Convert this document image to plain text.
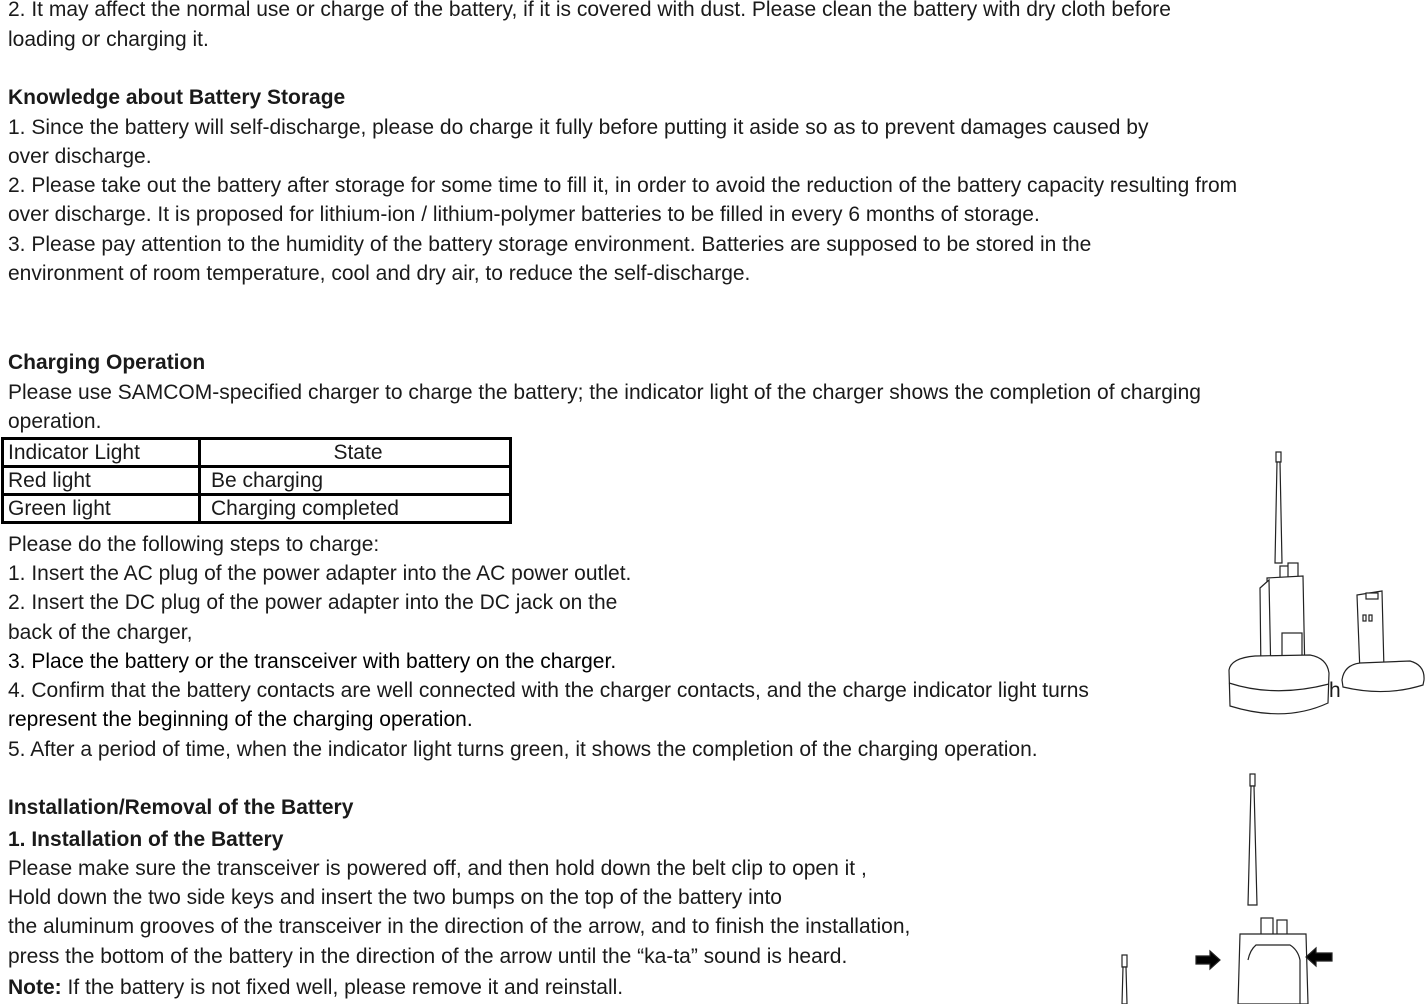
2. It may affect the normal use or charge of the battery, if it is covered with dust. Please clean the battery with dry cloth before
loading or charging it.
Knowledge about Battery Storage
1. Since the battery will self-discharge, please do charge it fully before putting it aside so as to prevent damages caused by
over discharge.
2. Please take out the battery after storage for some time to fill it, in order to avoid the reduction of the battery capacity resulting from
over discharge. It is proposed for lithium-ion / lithium-polymer batteries to be filled in every 6 months of storage.
3. Please pay attention to the humidity of the battery storage environment. Batteries are supposed to be stored in the
environment of room temperature, cool and dry air, to reduce the self-discharge.
Charging Operation
Please use SAMCOM-specified charger to charge the battery; the indicator light of the charger shows the completion of charging
operation.
Indicator Light	State
Red light	Be charging
Green light	Charging completed
Please do the following steps to charge:
1. Insert the AC plug of the power adapter into the AC power outlet.
2. Insert the DC plug of the power adapter into the DC jack on the
back of the charger,
3. Place the battery or the transceiver with battery on the charger.
4. Confirm that the battery contacts are well connected with the charger contacts, and the charge indicator light turns	h
represent the beginning of the charging operation.
5. After a period of time, when the indicator light turns green, it shows the completion of the charging operation.
Installation/Removal of the Battery
1. Installation of the Battery
Please make sure the transceiver is powered off, and then hold down the belt clip to open it ,
Hold down the two side keys and insert the two bumps on the top of the battery into
the aluminum grooves of the transceiver in the direction of the arrow, and to finish the installation,
press the bottom of the battery in the direction of the arrow until the “ka-ta” sound is heard.
Note: If the battery is not fixed well, please remove it and reinstall.
